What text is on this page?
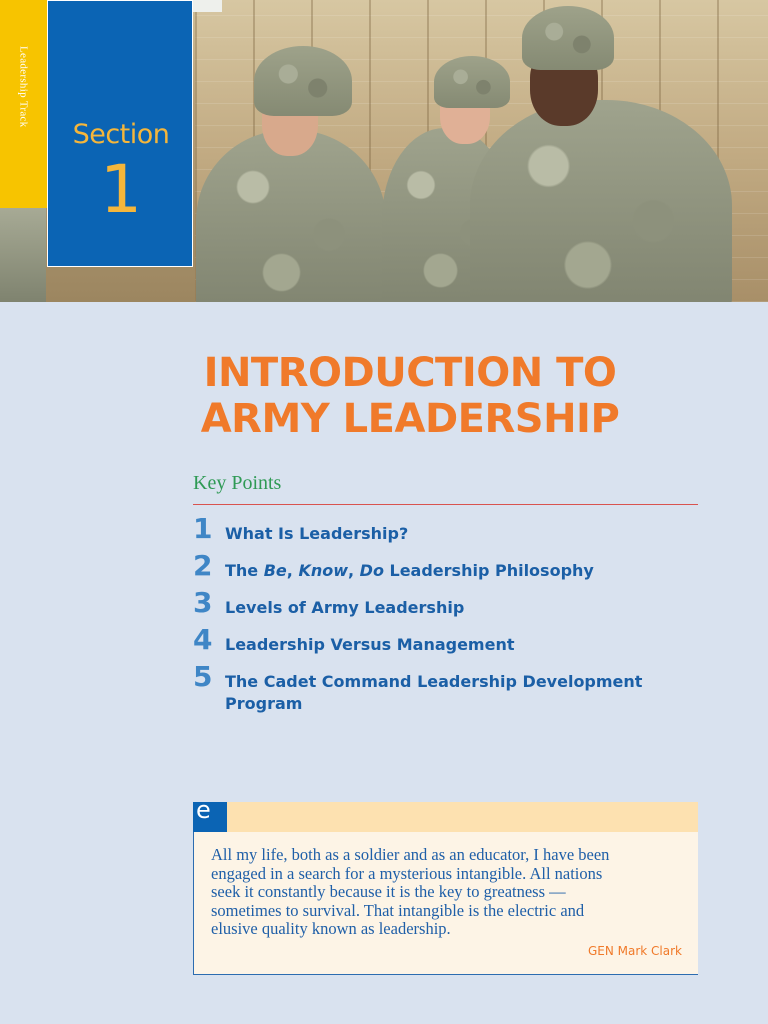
Leadership Track
Section
1
INTRODUCTION TO
ARMY LEADERSHIP
Key Points
1 What Is Leadership?
2 The Be, Know, Do Leadership Philosophy
3 Levels of Army Leadership
4 Leadership Versus Management
5 The Cadet Command Leadership Development Program
e
All my life, both as a soldier and as an educator, I have been
engaged in a search for a mysterious intangible. All nations
seek it constantly because it is the key to greatness —
sometimes to survival. That intangible is the electric and
elusive quality known as leadership.
GEN Mark Clark
